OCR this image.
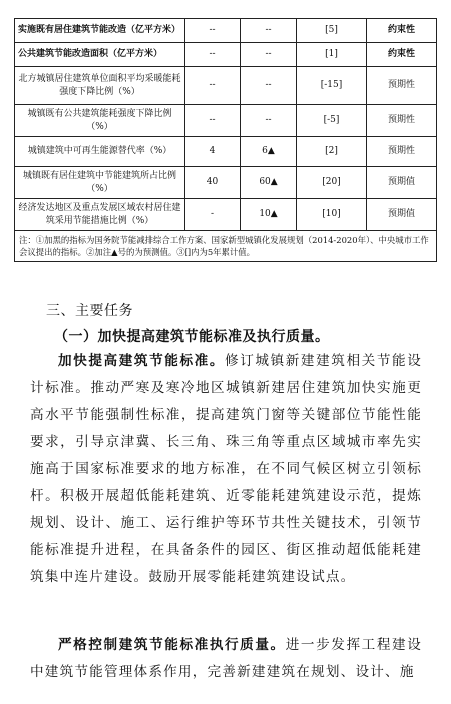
实施既有居住建筑节能改造（亿平方米）	--	--	[5]	约束性
公共建筑节能改造面积（亿平方米）	--	--	[1]	约束性
北方城镇居住建筑单位面积平均采暖能耗强度下降比例（%）	--	--	[-15]	预期性
城镇既有公共建筑能耗强度下降比例（%）	--	--	[-5]	预期性
城镇建筑中可再生能源替代率（%）	4	6▲	[2]	预期性
城镇既有居住建筑中节能建筑所占比例（%）	40	60▲	[20]	预期值
经济发达地区及重点发展区域农村居住建筑采用节能措施比例（%）	-	10▲	[10]	预期值
注：①加黑的指标为国务院节能减排综合工作方案、国家新型城镇化发展规划（2014-2020年）、中央城市工作会议提出的指标。②加注▲号的为预测值。③[]内为5年累计值。				
三、主要任务
（一）加快提高建筑节能标准及执行质量。

加快提高建筑节能标准。修订城镇新建建筑相关节能设计标准。推动严寒及寒冷地区城镇新建居住建筑加快实施更高水平节能强制性标准，提高建筑门窗等关键部位节能性能要求，引导京津冀、长三角、珠三角等重点区域城市率先实施高于国家标准要求的地方标准，在不同气候区树立引领标杆。积极开展超低能耗建筑、近零能耗建筑建设示范，提炼规划、设计、施工、运行维护等环节共性关键技术，引领节能标准提升进程，在具备条件的园区、街区推动超低能耗建筑集中连片建设。鼓励开展零能耗建筑建设试点。

严格控制建筑节能标准执行质量。进一步发挥工程建设中建筑节能管理体系作用，完善新建建筑在规划、设计、施
